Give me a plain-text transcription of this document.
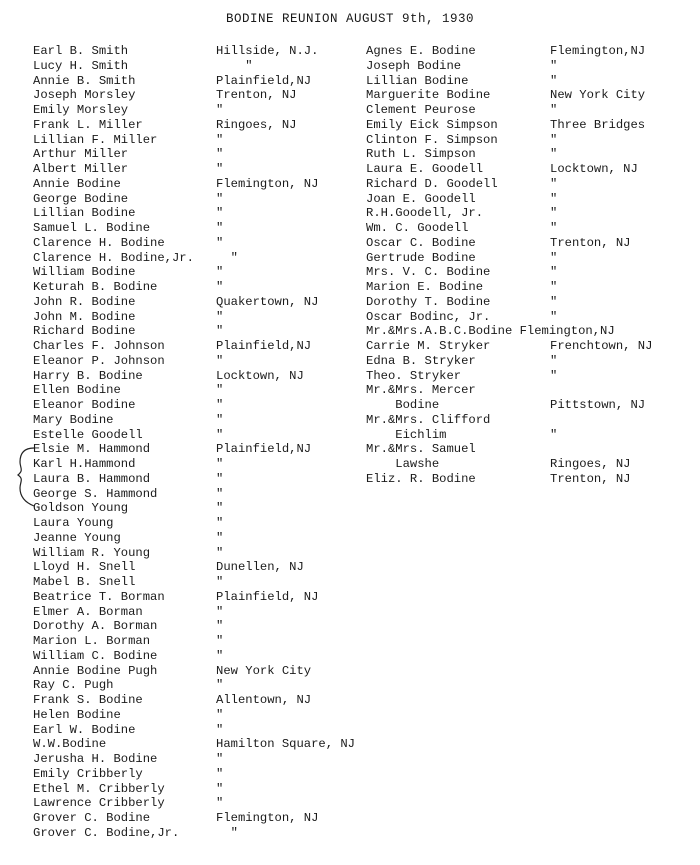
BODINE REUNION AUGUST 9th, 1930
Earl B. Smith	Hillside, N.J.
Lucy H. Smith	"
Annie B. Smith	Plainfield,NJ
Joseph Morsley	Trenton, NJ
Emily Morsley	"
Frank L. Miller	Ringoes, NJ
Lillian F. Miller	"
Arthur Miller	"
Albert Miller	"
Annie Bodine	Flemington, NJ
George Bodine	"
Lillian Bodine	"
Samuel L. Bodine	"
Clarence H. Bodine	"
Clarence H. Bodine,Jr. "
William Bodine	"
Keturah B. Bodine	"
John R. Bodine	Quakertown, NJ
John M. Bodine	"
Richard Bodine	"
Charles F. Johnson	Plainfield,NJ
Eleanor P. Johnson	"
Harry B. Bodine	Locktown, NJ
Ellen Bodine	"
Eleanor Bodine	"
Mary Bodine	"
Estelle Goodell	"
Elsie M. Hammond	Plainfield,NJ
Karl H.Hammond	"
Laura B. Hammond	"
George S. Hammond	"
Goldson Young	"
Laura Young	"
Jeanne Young	"
William R. Young	"
Lloyd H. Snell	Dunellen, NJ
Mabel B. Snell	"
Beatrice T. Borman	Plainfield, NJ
Elmer A. Borman	"
Dorothy A. Borman	"
Marion L. Borman	"
William C. Bodine	"
Annie Bodine Pugh	New York City
Ray C. Pugh	"
Frank S. Bodine	Allentown, NJ
Helen Bodine	"
Earl W. Bodine	"
W.W.Bodine	Hamilton Square, NJ
Jerusha H. Bodine	"
Emily Cribberly	"
Ethel M. Cribberly	"
Lawrence Cribberly	"
Grover C. Bodine	Flemington, NJ
Grover C. Bodine,Jr.	"
Agnes E. Bodine	Flemington,NJ
Joseph Bodine	"
Lillian Bodine	"
Marguerite Bodine	New York City
Clement Peurose	"
Emily Eick Simpson	Three Bridges
Clinton F. Simpson	"
Ruth L. Simpson	"
Laura E. Goodell	Locktown, NJ
Richard D. Goodell	"
Joan E. Goodell	"
R.H.Goodell, Jr.	"
Wm. C. Goodell	"
Oscar C. Bodine	Trenton, NJ
Gertrude Bodine	"
Mrs. V. C. Bodine	"
Marion E. Bodine	"
Dorothy T. Bodine	"
Oscar Bodinc, Jr.	"
Mr.&Mrs.A.B.C.Bodine Flemington,NJ
Carrie M. Stryker	Frenchtown, NJ
Edna B. Stryker	"
Theo. Stryker	"
Mr.&Mrs. Mercer
Bodine	Pittstown, NJ
Mr.&Mrs. Clifford
Eichlim	"
Mr.&Mrs. Samuel
Lawshe	Ringoes, NJ
Eliz. R. Bodine	Trenton, NJ
